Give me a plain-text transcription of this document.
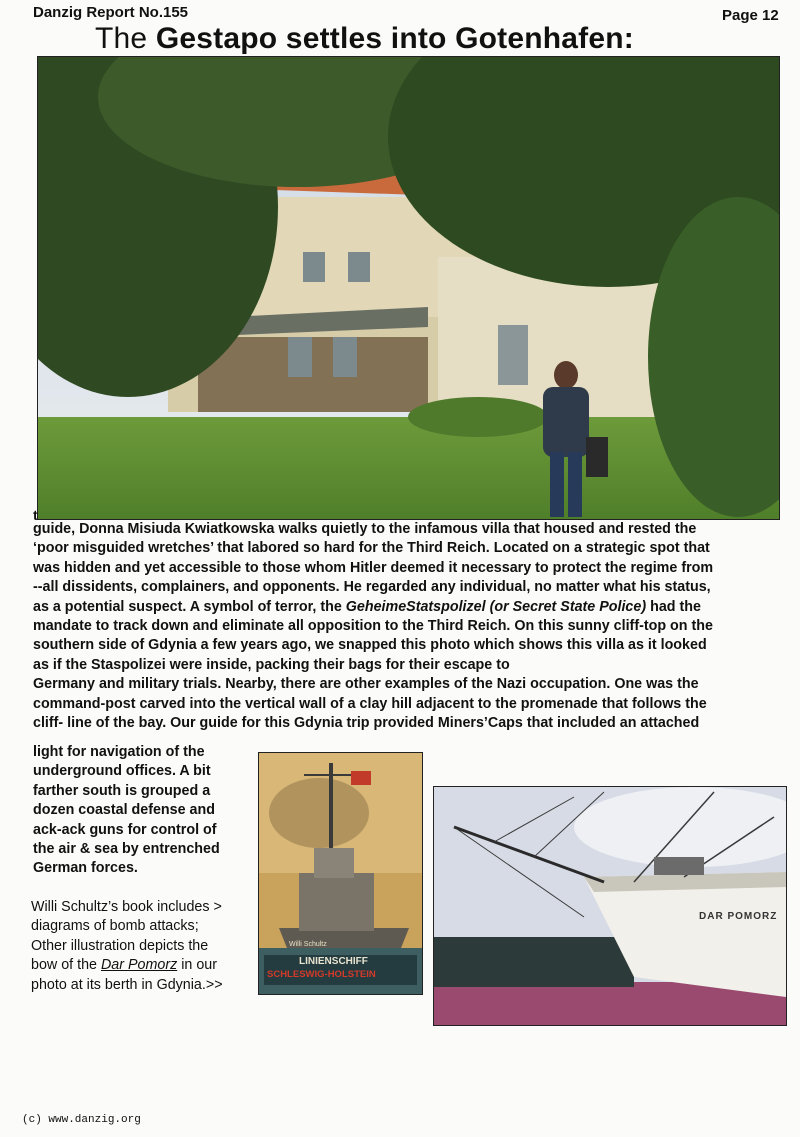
Danzig Report No.155	Page 12
The Gestapo settles into Gotenhafen:
t
guide, Donna Misiuda Kwiatkowska walks quietly to the infamous villa that housed and rested the
‘poor misguided wretches’ that labored so hard for the Third Reich. Located on a strategic spot that
was hidden and yet accessible to those whom Hitler deemed it necessary to protect the regime from
--all dissidents, complainers, and opponents. He regarded any individual, no matter what his status,
as a potential suspect. A symbol of terror, the GeheimeStatspolizel (or Secret State Police) had the
mandate to track down and eliminate all opposition to the Third Reich. On this sunny cliff-top on the
southern side of Gdynia a few years ago, we snapped this photo which shows this villa as it looked
as if the Staspolizei were inside, packing their bags for their escape to
Germany and military trials. Nearby, there are other examples of the Nazi occupation. One was the
command-post carved into the vertical wall of a clay hill adjacent to the promenade that follows the
cliff- line of the bay. Our guide for this Gdynia trip provided Miners’Caps that included an attached
light for navigation of the
underground offices. A bit
farther south is grouped a
dozen coastal defense and
ack-ack guns for control of
the air & sea by entrenched
German forces.
Willi Schultz’s book includes >
diagrams of bomb attacks;
Other illustration depicts the
bow of the Dar Pomorz in our
photo at its berth in Gdynia.>>
Willi Schultz
LINIENSCHIFF
SCHLESWIG-HOLSTEIN
DAR POMORZ
(c) www.danzig.org
